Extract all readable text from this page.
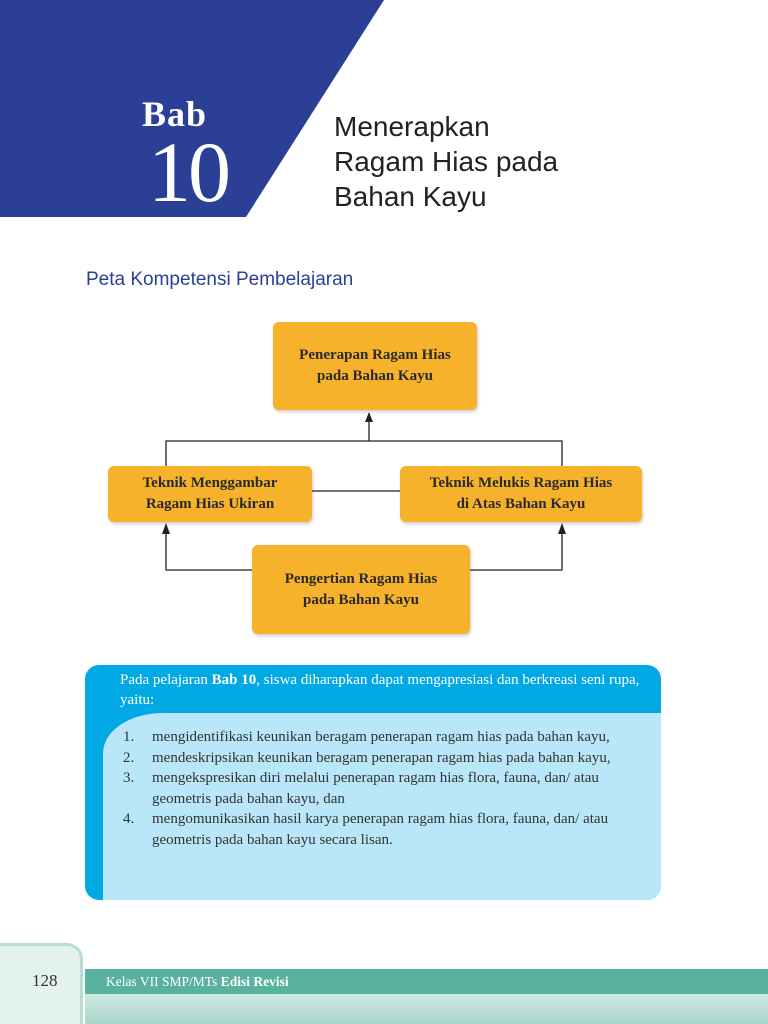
Bab
10	Menerapkan
Ragam Hias pada
Bahan Kayu
Peta Kompetensi Pembelajaran
Penerapan Ragam Hias
pada Bahan Kayu
Teknik Menggambar
Ragam Hias Ukiran
Teknik Melukis Ragam Hias
di Atas Bahan Kayu
Pengertian Ragam Hias
pada Bahan Kayu
Pada pelajaran Bab 10, siswa diharapkan dapat mengapresiasi dan berkreasi seni rupa, yaitu:
1.	mengidentifikasi keunikan beragam penerapan ragam hias pada bahan kayu,
2.	mendeskripsikan keunikan beragam penerapan ragam hias pada bahan kayu,
3.	mengekspresikan diri melalui penerapan ragam hias flora, fauna, dan/ atau geometris pada bahan kayu, dan
4.	mengomunikasikan hasil karya penerapan ragam hias flora, fauna, dan/ atau geometris pada bahan kayu secara lisan.
128	Kelas VII SMP/MTs Edisi Revisi
